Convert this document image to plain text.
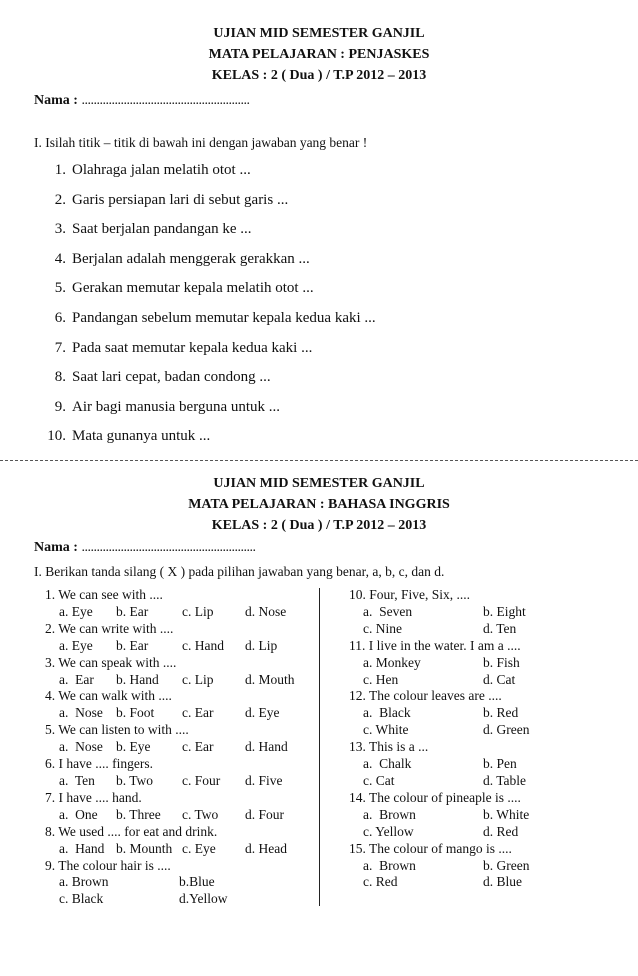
UJIAN MID SEMESTER GANJIL
MATA PELAJARAN : PENJASKES
KELAS : 2 ( Dua ) / T.P 2012 – 2013
Nama : ........................................................
I. Isilah titik – titik di bawah ini dengan jawaban yang benar !
1. Olahraga jalan melatih otot ...
2. Garis persiapan lari di sebut garis ...
3. Saat berjalan pandangan ke ...
4. Berjalan adalah menggerak gerakkan ...
5. Gerakan memutar kepala melatih otot ...
6. Pandangan sebelum memutar kepala kedua kaki ...
7. Pada saat memutar kepala kedua kaki ...
8. Saat lari cepat, badan condong ...
9. Air bagi manusia berguna untuk ...
10. Mata gunanya untuk ...
UJIAN MID SEMESTER GANJIL
MATA PELAJARAN : BAHASA INGGRIS
KELAS : 2 ( Dua ) / T.P 2012 – 2013
Nama : ..........................................................
I. Berikan tanda silang ( X ) pada pilihan jawaban yang benar, a, b, c, dan d.
1. We can see with ....
a. Eye	b. Ear	c. Lip	d. Nose
2. We can write with ....
a. Eye	b. Ear	c. Hand	d. Lip
3. We can speak with ....
a.  Ear	b. Hand	c. Lip	d. Mouth
4. We can walk with ....
a.  Nose b. Foot	c. Ear	d. Eye
5. We can listen to with ....
a.  Nose b. Eye	c. Ear	d. Hand
6. I have .... fingers.
a.  Ten	b. Two	c. Four	d. Five
7. I have .... hand.
a.  One	b. Three	c. Two	d. Four
8. We used .... for eat and drink.
a.  Hand b. Mounth c. Eye	d. Head
9. The colour hair is ....
a. Brown	b.Blue
c. Black	d.Yellow
10. Four, Five, Six, ....
a.  Seven	b. Eight
c. Nine	d. Ten
11. I live in the water. I am a ....
a. Monkey	b. Fish
c. Hen	d. Cat
12. The colour leaves are ....
a.  Black	b. Red
c. White	d. Green
13. This is a ...
a.  Chalk	b. Pen
c. Cat	d. Table
14. The colour of pineaple is ....
a.  Brown	b. White
c. Yellow	d. Red
15. The colour of mango is ....
a.  Brown	b. Green
c. Red	d. Blue
